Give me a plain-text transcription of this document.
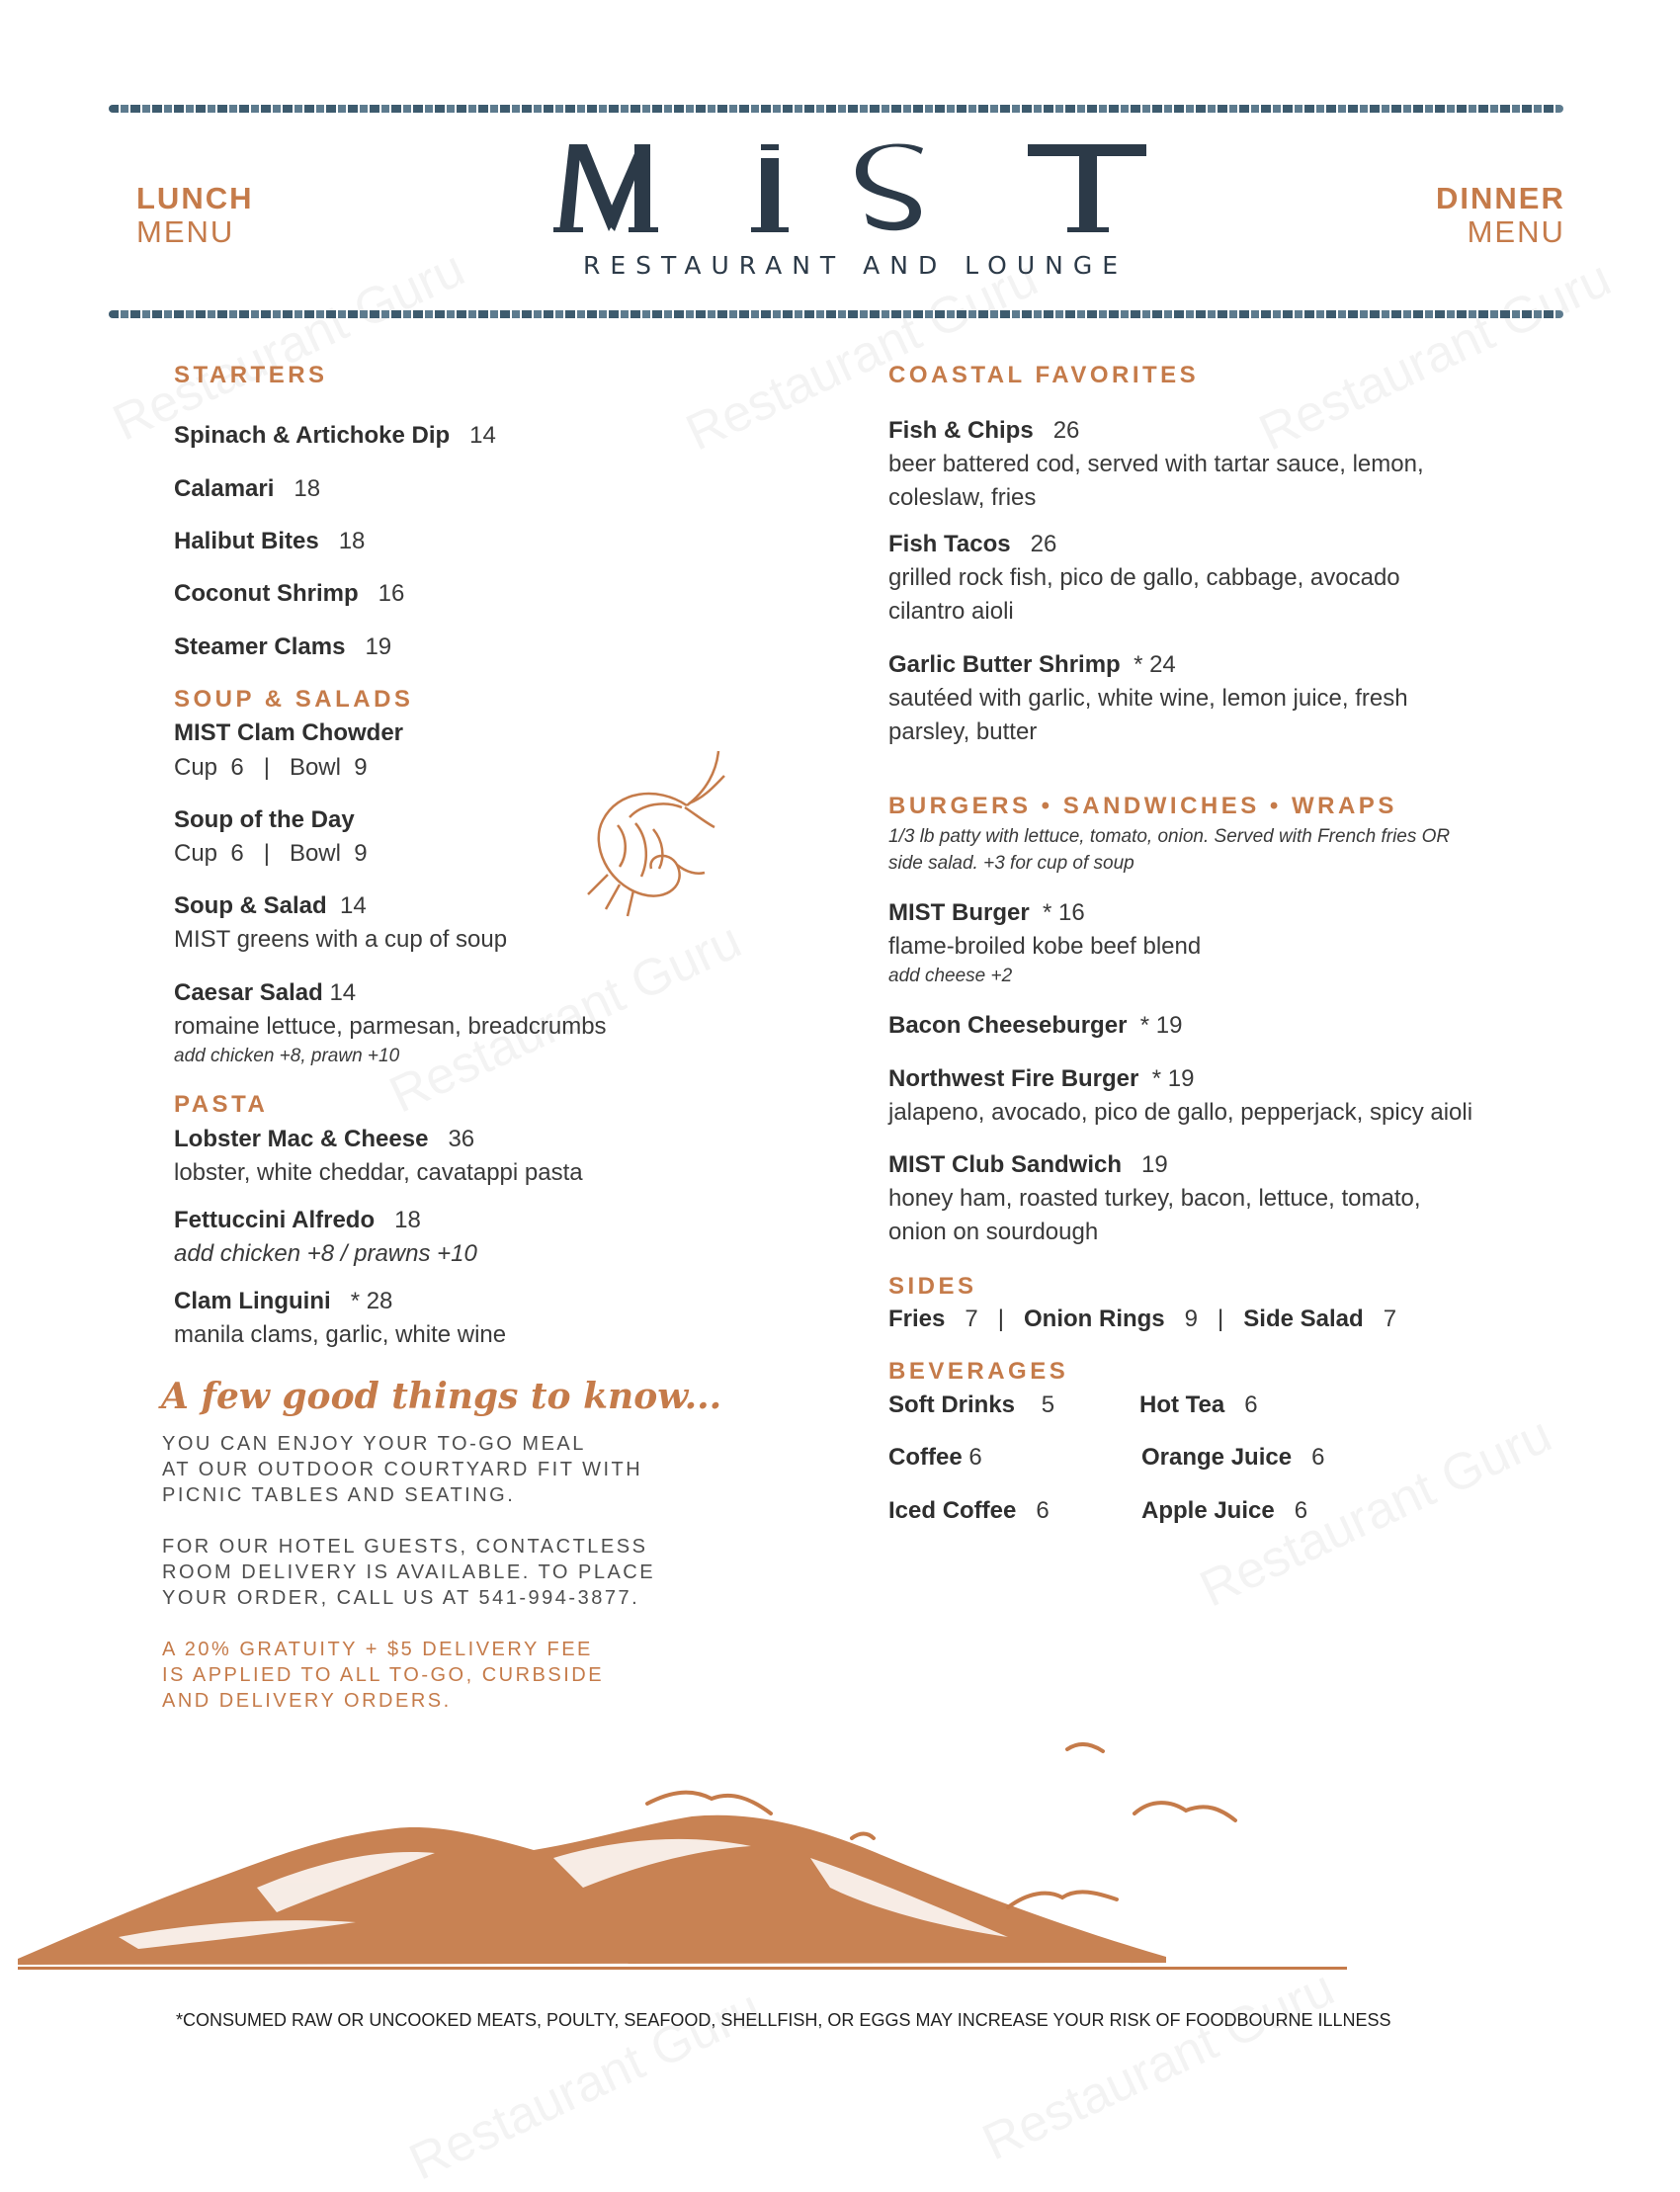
LUNCH
MENU
DINNER
MENU
RESTAURANT AND LOUNGE
STARTERS
Spinach & Artichoke Dip 14
Calamari 18
Halibut Bites 18
Coconut Shrimp 16
Steamer Clams 19
SOUP & SALADS
MIST Clam Chowder
Cup  6   |   Bowl  9
Soup of the Day
Cup  6   |   Bowl  9
Soup & Salad 14
MIST greens with a cup of soup
Caesar Salad 14
romaine lettuce, parmesan, breadcrumbs
add chicken +8, prawn +10
PASTA
Lobster Mac & Cheese 36
lobster, white cheddar, cavatappi pasta
Fettuccini Alfredo 18
add chicken +8 / prawns +10
Clam Linguini * 28
manila clams, garlic, white wine
A few good things to know...
YOU CAN ENJOY YOUR TO-GO MEAL
AT OUR OUTDOOR COURTYARD FIT WITH
PICNIC TABLES AND SEATING.
FOR OUR HOTEL GUESTS, CONTACTLESS
ROOM DELIVERY IS AVAILABLE. TO PLACE
YOUR ORDER, CALL US AT 541-994-3877.
A 20% GRATUITY + $5 DELIVERY FEE
IS APPLIED TO ALL TO-GO, CURBSIDE
AND DELIVERY ORDERS.
COASTAL FAVORITES
Fish & Chips 26
beer battered cod, served with tartar sauce, lemon,
coleslaw, fries
Fish Tacos 26
grilled rock fish, pico de gallo, cabbage, avocado
cilantro aioli
Garlic Butter Shrimp * 24
sautéed with garlic, white wine, lemon juice, fresh
parsley, butter
BURGERS • SANDWICHES • WRAPS
1/3 lb patty with lettuce, tomato, onion. Served with French fries OR
side salad. +3 for cup of soup
MIST Burger * 16
flame-broiled kobe beef blend
add cheese +2
Bacon Cheeseburger * 19
Northwest Fire Burger * 19
jalapeno, avocado, pico de gallo, pepperjack, spicy aioli
MIST Club Sandwich 19
honey ham, roasted turkey, bacon, lettuce, tomato,
onion on sourdough
SIDES
Fries 7   |   Onion Rings 9   |   Side Salad 7
BEVERAGES
Soft Drinks 5	Hot Tea 6
Coffee 6	Orange Juice 6
Iced Coffee 6	Apple Juice 6
*CONSUMED RAW OR UNCOOKED MEATS, POULTY, SEAFOOD, SHELLFISH, OR EGGS MAY INCREASE YOUR RISK OF FOODBOURNE ILLNESS
